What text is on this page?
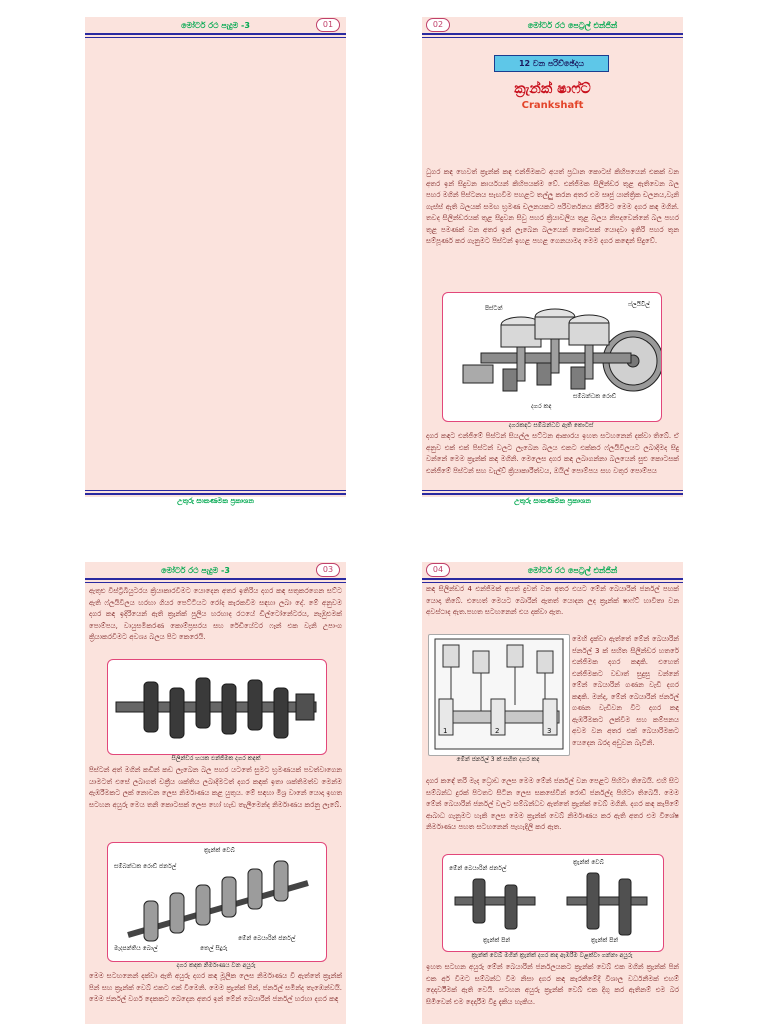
මෝටර් රථ පැදුම -3	01
උතුරු සාකණමක ප්‍රකාශන
02	මෝටර් රථ පෙට්‍රල් එන්ජින්
12 වන පරිච්ඡේදය
ක්‍රැන්ක් ෂාෆ්ට්
Crankshaft
ධුගර කඳ හෙවත් ක්‍රැන්ක් කඳ එන්ජිමකට අයත් ප්‍රධාන කොටස් කිහිපයෙන් එකක් වන අතර ඉන් සිදුවන කාර්යයන් කිහිපයක්ම වේ. එන්ජිමක සිලින්ඩර තුළ ඇතිවෙන බල පහර මගින් පිස්ටනය සැඟවීම පහළට තල්ලු කරන අතර එම සෘජු යාන්ත්‍රික චලනය,වැනි ගැස්ස් ඇති බලයක් සමඟ භ්‍රමණ චලනයකට පරිවර්තනය කිරීමට මෙම දගර කඳ මගින්. තවද සිලින්ඩරයක් තුළ සිදුවන සිවු පහර ක්‍රියාවලිය තුළ බලය නිපදවෙන්නේ බල පහර තුළ පමණක් වන අතර ඉන් ලැබෙන බලයෙන් කොටසක් යොදවා ඉතිරි පහර තුන සම්පූර්ණ කර ගැනුමට පිස්ටන් ඉහළ පහළ ගෙනයාමද මෙම දගර කඳෙන් සිදුවේ.
පිස්ටන්
ෆ්ලයිවීල්
සම්බන්ධක රොඩ්
දගර කඳ
දගරකඳට සම්බන්ධව ඇති කොටස්
දගර කඳට එන්ජිමේ පිස්ටන් සියල්ල සට්ටන ආකාරය ඉහත සටහනෙන් දක්වා තිබේ. ඒ අනුව එක් එක් පිස්ටන් වලට ලැබෙන බලය එකට එක්කර ෆ්ලයිවීලයට ලබාදීමද සිදු වන්නේ මෙම ක්‍රැන්ක් කඳ මගිනි. මෙලෙස දගර කඳ ලබාගන්නා බලයෙන් සුළු කොටසක් එන්ජිමේ පිස්ටන් සහ වැල්ව් ක්‍රියාකාරීත්වය, ඔයිල් පොම්පය සහ වතුර පොම්පය
උතුරු සාකණමක ප්‍රකාශන
මෝටර් රථ පැදුම -3	03
ඇතුළු විස්ට්‍රිබියුටරය ක්‍රියාකාරවීමට යොදෙන අතර ඉතිරිය දගර කඳ සතුකරගෙන සට්ට ඇති ෆ්ලයිවීලය හරහා ගියර පෙට්ටියට රෝද කැරකවීම සඳහා ලබා දේ. මේ අනුවම දගර කඳ ඉදිරියෙන් ඇති ක්‍රැන්ක් පුලිය හරහාද රථයේ ඩිල්ටෝනේටරය, නැඹුළුමක් පොම්පය, වායුසමීකරණ කොම්ප්‍රසරය සහ රේඩියේටර ෆෑන් එක වැනි උපාංග ක්‍රියාකරවීමට අවශ්‍ය බලය පිට කෙරෙයි.
සිලින්ඩර හයක එන්ජිමක දගර කඳක්
පිස්ටන් අත් මගින් කඩින් කඩ ලැබෙන බල පහර යටතේ සුමට භ්‍රමණයක් පවත්වාගෙන යාමටත් එසේ ලබාගත් චක්‍රීය ශක්තිය ලබාදීමටත් දගර කඳක් ඉතා ශක්තිමත්ව මෙන්ම ඇඹරීමකට ලක් නොවන ලෙස නිර්මාණය කළ යුතුය. මේ සඳහා මිශ්‍ර වානේ යොදා ඉහත සටහන අයුරු මෙය තනි කොටසක් ලෙස හෝ හැඩ තැලීමෙන්ද නිර්මාණය කරනු ලැබේ.
ක්‍රැන්ක් වෙබ්
සම්බන්ධක රොඩ් ජර්නල්
මැදපන්තිය බොල්
මේන් බෙයාරින් ජර්නල්
තෙල් සිදුරු
දගර කඳක නිර්මාණය වන අයුරු
මෙම සටහනෙන් දක්වා ඇති අයුරු දගර කඳ මූලික ලෙස නිර්මාණය වී ඇත්තේ ක්‍රැන්ක් පින් සහ ක්‍රැන්ක් වෙබ් එකට එක් වීමෙනි. මෙම ක්‍රැන්ක් පින්, ජර්නල් සමින්ද තැඹෙන්වයි. මෙම ජර්නල් වර්ග දෙකකට බෙදෙන අතර ඉන් මේන් බෙයාරින් ජර්නල් හරහා දගර කඳ
04	මෝටර් රථ පෙට්‍රල් එන්ජින්
කඳ සිලින්ඩර 4 එන්ජිමක් අයත් දුවත් වන අතර එයට මේන් බෙයාරින් ජර්නල් පහක් යොදා තිබේ. එහෙත් මෙයට බොරින් ඇතත් යොදන ලද ක්‍රැන්ක් ෂාෆ්ට් හාවිතා වන අවස්ථාද ඇත.පහත සටහනෙන් එය දක්වා ඇත.
1	2	3
මේන් ජර්නල් 3 ක් සහිත දගර කඳ
මෙහි දැක්වා ඇත්තේ මේන් බෙයාරින් ජර්නල් 3 ක් සහිත සිලින්ඩර හතරේ එන්ජිමක දගර කඳකි. එහෙත් එන්ජිමකට වඩාත් සුදුසු වන්නේ මේන් බෙයාරින් ගණන වැඩි දගර කඳකි. මන්ද, මේන් බෙයාරින් ජර්නල් ගණන වැඩිවන විට දගර කඳ ඇඹරීමකට ලක්වීම සහ කම්පනය අවම වන අතර එක් බෙයාරිමකට යෙදෙන බරද අඩුවන බැවිනි.
දගර කඳේ තරි මැද ධ්‍රොඩ ලෙස මෙම මේන් ජර්නල් වන පෙළට පිහිටා තිබෙයි. එහි සිට සම්බන්ධ දුරක් පිටතට සිටින ලෙස සකසේවින් රොඩ් ජර්නල්ද පිහිටා තිබෙයි. මෙම මේන් බෙයාරින් ජර්නල් වලට සම්බන්ධව ඇත්තේ ක්‍රැන්ක් වෙබ් මගිනි. දගර කඳ කැපීමේ ආබාධ ගැනුමට හැකි ලෙස මෙම ක්‍රැන්ක් වෙබ් නිර්මාණය කර ඇති අතර එම විශේෂ නිර්මාණය පහත සටහනෙන් පැහැදිලි කර ඇත.
මේන් බෙයාරින් ජර්නල්
ක්‍රැන්ක් වෙබ්
ක්‍රැන්ක් පින්	ක්‍රැන්ක් පින්
ක්‍රැන්ක් වෙබ් මගින් ක්‍රැන්ක් දගර කඳ ඇඹරීම වළක්වා ගන්නා අයුරු
ඉහත සටහන අයුරු මේන් බෙයාරින් ජර්නලයකට ක්‍රැන්ක් වෙබ් එක මගින් ක්‍රැන්ක් පින් එක අර් වීමට සම්බන්ධ වීම නිසා දගර කඳ කැරකීමේදී විශාල වර්ධනීමක් එහම් දෙදාර්වීමක් ඇති වෙයි. සටහන අයුරු ක්‍රැන්ක් වෙබ් එක දිගු කර ඇතිනම් එම බර සිමිවෙන් එම දෙදාරීම විදු දැකිය හැකිය.
